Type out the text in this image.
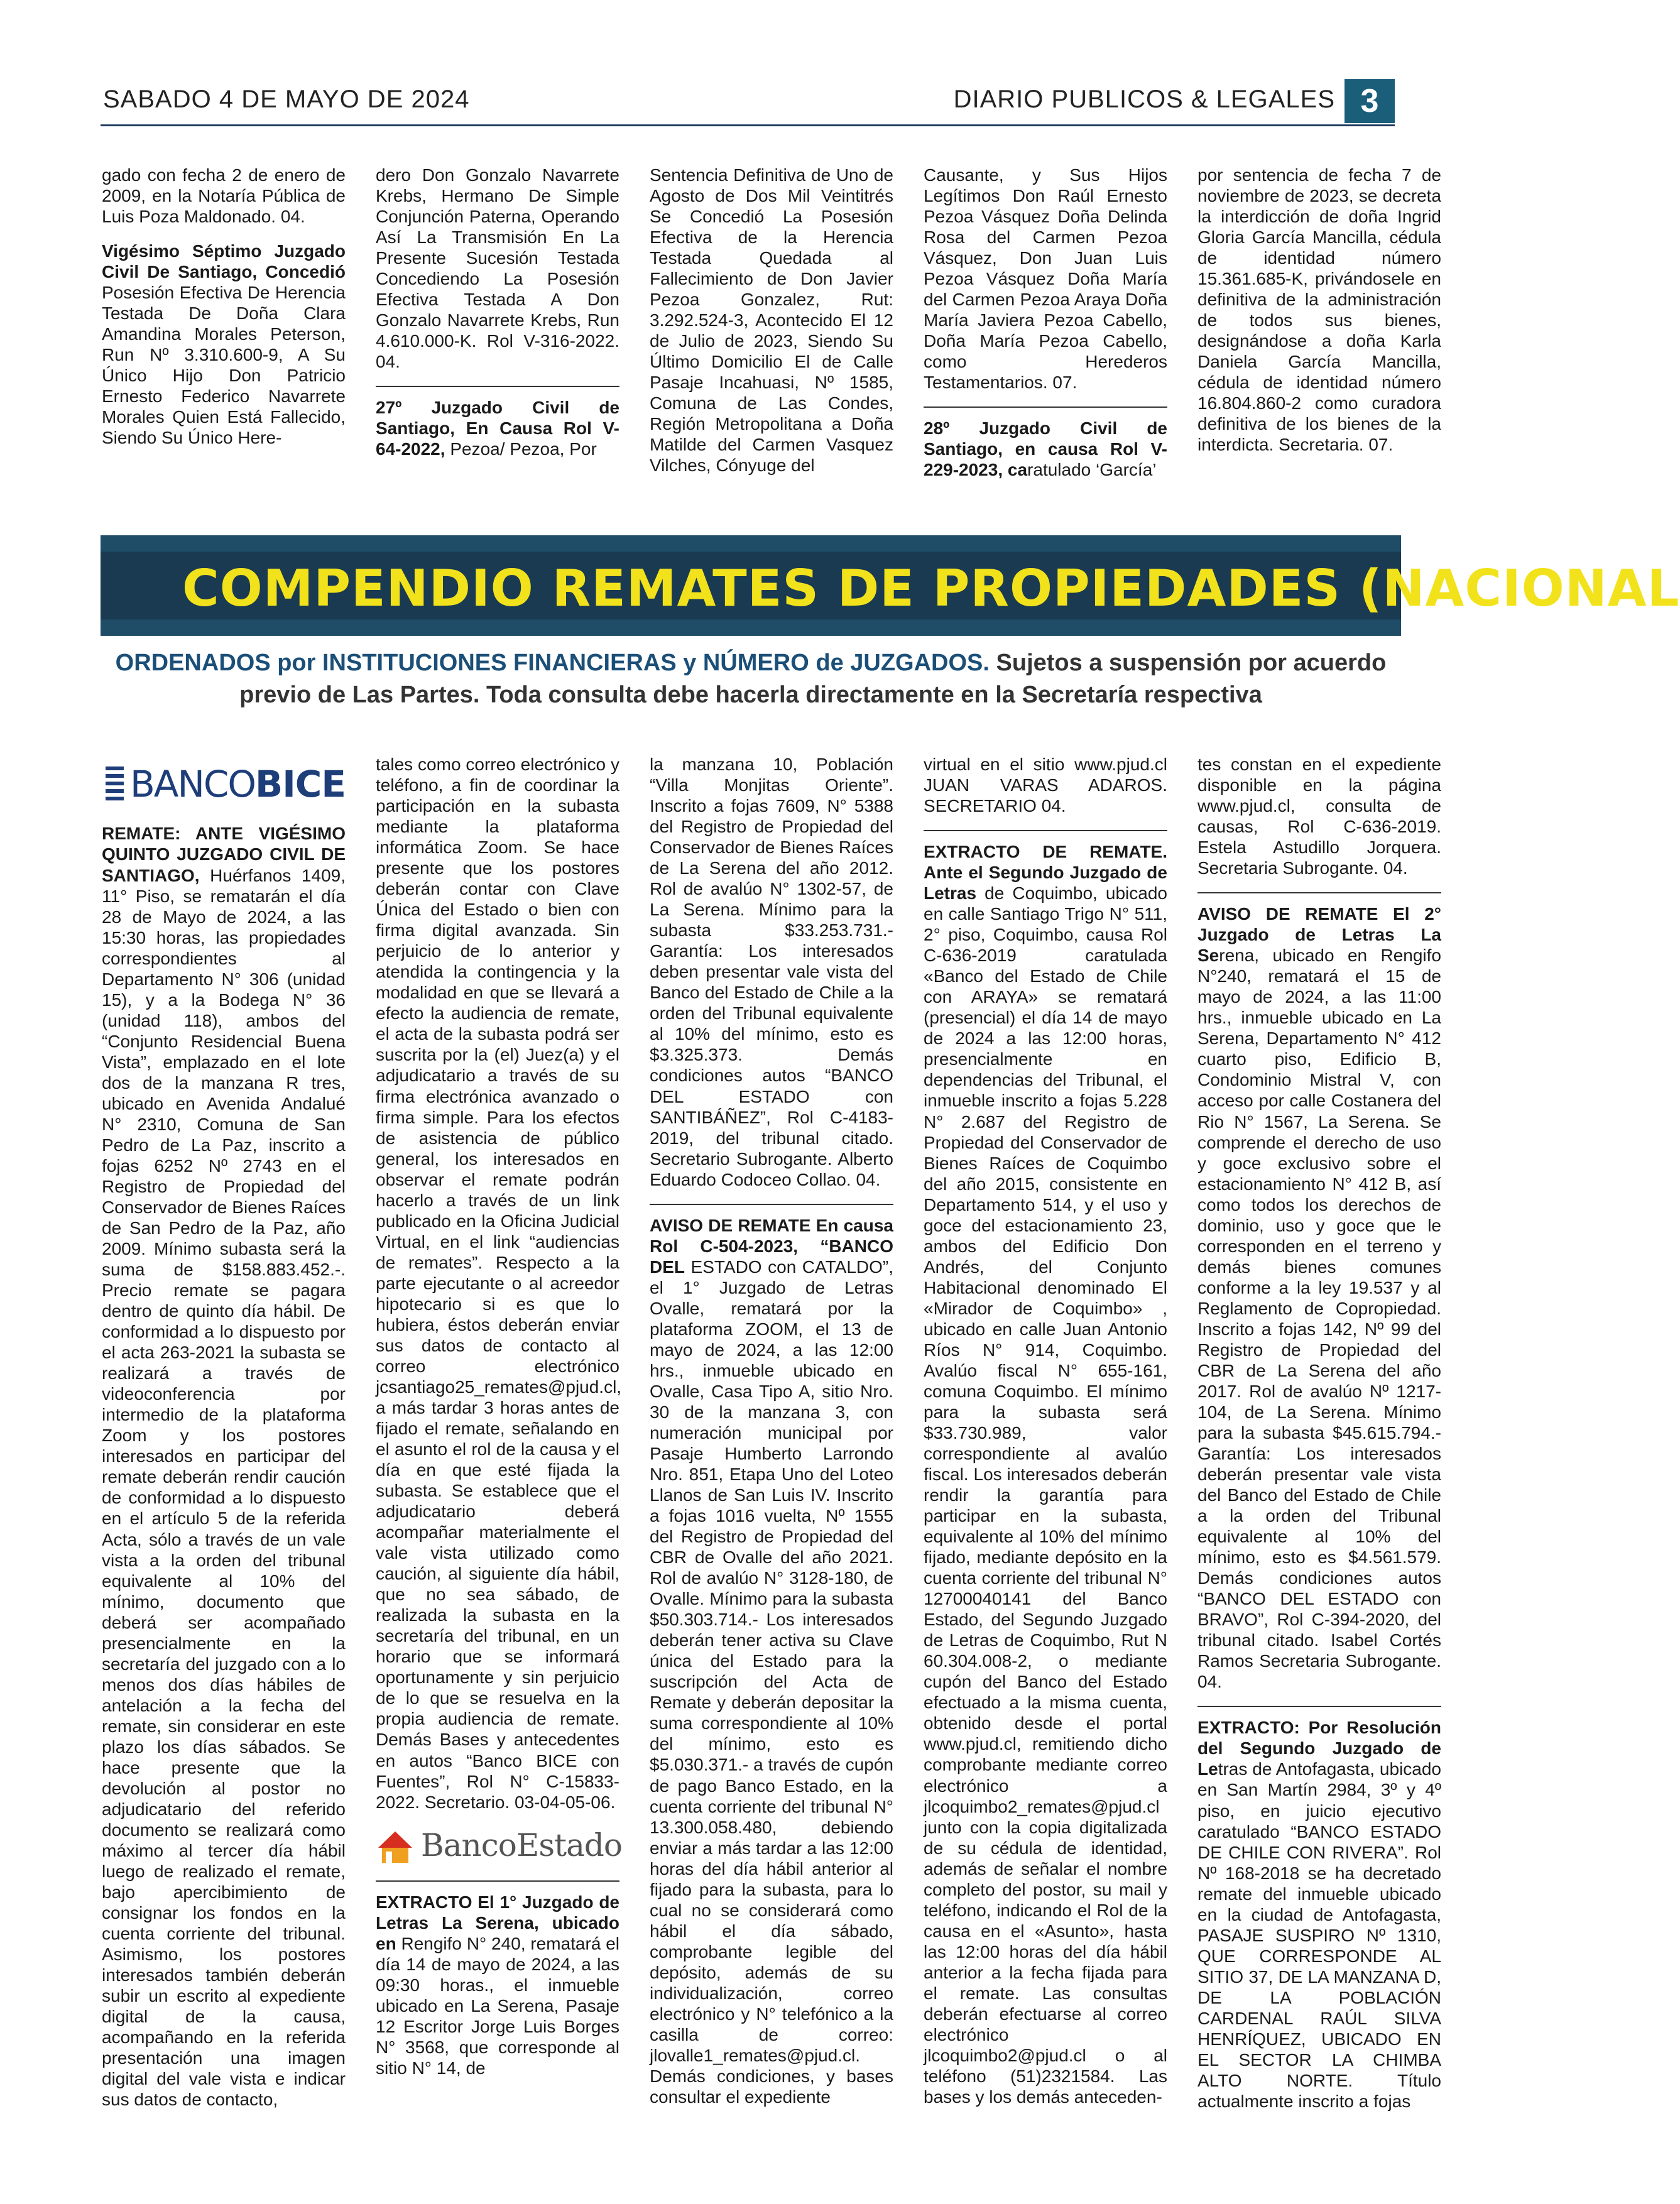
SABADO 4 DE MAYO DE 2024	DIARIO PUBLICOS & LEGALES 3

gado con fecha 2 de enero de 2009, en la Notaría Pública de Luis Poza Maldonado. 04.

Vigésimo Séptimo Juzgado Civil De Santiago, Concedió Posesión Efectiva De Herencia Testada De Doña Clara Amandina Morales Peterson, Run Nº 3.310.600-9, A Su Único Hijo Don Patricio Ernesto Federico Navarrete Morales Quien Está Fallecido, Siendo Su Único Here-

dero Don Gonzalo Navarrete Krebs, Hermano De Simple Conjunción Paterna, Operando Así La Transmisión En La Presente Sucesión Testada Concediendo La Posesión Efectiva Testada A Don Gonzalo Navarrete Krebs, Run 4.610.000-K. Rol V-316-2022. 04.

27º Juzgado Civil de Santiago, En Causa Rol V-64-2022, Pezoa/ Pezoa, Por

Sentencia Definitiva de Uno de Agosto de Dos Mil Veintitrés Se Concedió La Posesión Efectiva de la Herencia Testada Quedada al Fallecimiento de Don Javier Pezoa Gonzalez, Rut: 3.292.524-3, Acontecido El 12 de Julio de 2023, Siendo Su Último Domicilio El de Calle Pasaje Incahuasi, Nº 1585, Comuna de Las Condes, Región Metropolitana a Doña Matilde del Carmen Vasquez Vilches, Cónyuge del

Causante, y Sus Hijos Legítimos Don Raúl Ernesto Pezoa Vásquez Doña Delinda Rosa del Carmen Pezoa Vásquez, Don Juan Luis Pezoa Vásquez Doña María del Carmen Pezoa Araya Doña María Javiera Pezoa Cabello, Doña María Pezoa Cabello, como Herederos Testamentarios. 07.

28º Juzgado Civil de Santiago, en causa Rol V-229-2023, caratulado ‘García’

por sentencia de fecha 7 de noviembre de 2023, se decreta la interdicción de doña Ingrid Gloria García Mancilla, cédula de identidad número 15.361.685-K, privándosele en definitiva de la administración de todos sus bienes, designándose a doña Karla Daniela García Mancilla, cédula de identidad número 16.804.860-2 como curadora definitiva de los bienes de la interdicta. Secretaria. 07.

COMPENDIO REMATES DE PROPIEDADES (NACIONAL
ORDENADOS por INSTITUCIONES FINANCIERAS y NÚMERO de JUZGADOS. Sujetos a suspensión por acuerdo previo de Las Partes. Toda consulta debe hacerla directamente en la Secretaría respectiva
BANCO BICE

REMATE: ANTE VIGÉSIMO QUINTO JUZGADO CIVIL DE SANTIAGO, Huérfanos 1409, 11° Piso, se rematarán el día 28 de Mayo de 2024, a las 15:30 horas, las propiedades correspondientes al Departamento N° 306 (unidad 15), y a la Bodega N° 36 (unidad 118), ambos del “Conjunto Residencial Buena Vista”, emplazado en el lote dos de la manzana R tres, ubicado en Avenida Andalué N° 2310, Comuna de San Pedro de La Paz, inscrito a fojas 6252 Nº 2743 en el Registro de Propiedad del Conservador de Bienes Raíces de San Pedro de la Paz, año 2009. Mínimo subasta será la suma de $158.883.452.-. Precio remate se pagara dentro de quinto día hábil. De conformidad a lo dispuesto por el acta 263-2021 la subasta se realizará a través de videoconferencia por intermedio de la plataforma Zoom y los postores interesados en participar del remate deberán rendir caución de conformidad a lo dispuesto en el artículo 5 de la referida Acta, sólo a través de un vale vista a la orden del tribunal equivalente al 10% del mínimo, documento que deberá ser acompañado presencialmente en la secretaría del juzgado con a lo menos dos días hábiles de antelación a la fecha del remate, sin considerar en este plazo los días sábados. Se hace presente que la devolución al postor no adjudicatario del referido documento se realizará como máximo al tercer día hábil luego de realizado el remate, bajo apercibimiento de consignar los fondos en la cuenta corriente del tribunal. Asimismo, los postores interesados también deberán subir un escrito al expediente digital de la causa, acompañando en la referida presentación una imagen digital del vale vista e indicar sus datos de contacto,

tales como correo electrónico y teléfono, a fin de coordinar la participación en la subasta mediante la plataforma informática Zoom. Se hace presente que los postores deberán contar con Clave Única del Estado o bien con firma digital avanzada. Sin perjuicio de lo anterior y atendida la contingencia y la modalidad en que se llevará a efecto la audiencia de remate, el acta de la subasta podrá ser suscrita por la (el) Juez(a) y el adjudicatario a través de su firma electrónica avanzado o firma simple. Para los efectos de asistencia de público general, los interesados en observar el remate podrán hacerlo a través de un link publicado en la Oficina Judicial Virtual, en el link “audiencias de remates”. Respecto a la parte ejecutante o al acreedor hipotecario si es que lo hubiera, éstos deberán enviar sus datos de contacto al correo electrónico jcsantiago25_remates@pjud.cl, a más tardar 3 horas antes de fijado el remate, señalando en el asunto el rol de la causa y el día en que esté fijada la subasta. Se establece que el adjudicatario deberá acompañar materialmente el vale vista utilizado como caución, al siguiente día hábil, que no sea sábado, de realizada la subasta en la secretaría del tribunal, en un horario que se informará oportunamente y sin perjuicio de lo que se resuelva en la propia audiencia de remate. Demás Bases y antecedentes en autos “Banco BICE con Fuentes”, Rol N° C-15833-2022. Secretario. 03-04-05-06.

BancoEstado

EXTRACTO El 1° Juzgado de Letras La Serena, ubicado en Rengifo N° 240, rematará el día 14 de mayo de 2024, a las 09:30 horas., el inmueble ubicado en La Serena, Pasaje 12 Escritor Jorge Luis Borges N° 3568, que corresponde al sitio N° 14, de

la manzana 10, Población “Villa Monjitas Oriente”. Inscrito a fojas 7609, N° 5388 del Registro de Propiedad del Conservador de Bienes Raíces de La Serena del año 2012. Rol de avalúo N° 1302-57, de La Serena. Mínimo para la subasta $33.253.731.- Garantía: Los interesados deben presentar vale vista del Banco del Estado de Chile a la orden del Tribunal equivalente al 10% del mínimo, esto es $3.325.373. Demás condiciones autos “BANCO DEL ESTADO con SANTIBÁÑEZ”, Rol C-4183-2019, del tribunal citado. Secretario Subrogante. Alberto Eduardo Codoceo Collao. 04.

AVISO DE REMATE En causa Rol C-504-2023, “BANCO DEL ESTADO con CATALDO”, el 1° Juzgado de Letras Ovalle, rematará por la plataforma ZOOM, el 13 de mayo de 2024, a las 12:00 hrs., inmueble ubicado en Ovalle, Casa Tipo A, sitio Nro. 30 de la manzana 3, con numeración municipal por Pasaje Humberto Larrondo Nro. 851, Etapa Uno del Loteo Llanos de San Luis IV. Inscrito a fojas 1016 vuelta, Nº 1555 del Registro de Propiedad del CBR de Ovalle del año 2021. Rol de avalúo N° 3128-180, de Ovalle. Mínimo para la subasta $50.303.714.- Los interesados deberán tener activa su Clave única del Estado para la suscripción del Acta de Remate y deberán depositar la suma correspondiente al 10% del mínimo, esto es $5.030.371.- a través de cupón de pago Banco Estado, en la cuenta corriente del tribunal N° 13.300.058.480, debiendo enviar a más tardar a las 12:00 horas del día hábil anterior al fijado para la subasta, para lo cual no se considerará como hábil el día sábado, comprobante legible del depósito, además de su individualización, correo electrónico y N° telefónico a la casilla de correo: jlovalle1_remates@pjud.cl. Demás condiciones, y bases consultar el expediente

virtual en el sitio www.pjud.cl JUAN VARAS ADAROS. SECRETARIO 04.

EXTRACTO DE REMATE. Ante el Segundo Juzgado de Letras de Coquimbo, ubicado en calle Santiago Trigo N° 511, 2° piso, Coquimbo, causa Rol C-636-2019 caratulada «Banco del Estado de Chile con ARAYA» se rematará (presencial) el día 14 de mayo de 2024 a las 12:00 horas, presencialmente en dependencias del Tribunal, el inmueble inscrito a fojas 5.228 N° 2.687 del Registro de Propiedad del Conservador de Bienes Raíces de Coquimbo del año 2015, consistente en Departamento 514, y el uso y goce del estacionamiento 23, ambos del Edificio Don Andrés, del Conjunto Habitacional denominado El «Mirador de Coquimbo» , ubicado en calle Juan Antonio Ríos N° 914, Coquimbo. Avalúo fiscal N° 655-161, comuna Coquimbo. El mínimo para la subasta será $33.730.989, valor correspondiente al avalúo fiscal. Los interesados deberán rendir la garantía para participar en la subasta, equivalente al 10% del mínimo fijado, mediante depósito en la cuenta corriente del tribunal N° 12700040141 del Banco Estado, del Segundo Juzgado de Letras de Coquimbo, Rut N 60.304.008-2, o mediante cupón del Banco del Estado efectuado a la misma cuenta, obtenido desde el portal www.pjud.cl, remitiendo dicho comprobante mediante correo electrónico a jlcoquimbo2_remates@pjud.cl junto con la copia digitalizada de su cédula de identidad, además de señalar el nombre completo del postor, su mail y teléfono, indicando el Rol de la causa en el «Asunto», hasta las 12:00 horas del día hábil anterior a la fecha fijada para el remate. Las consultas deberán efectuarse al correo electrónico jlcoquimbo2@pjud.cl o al teléfono (51)2321584. Las bases y los demás anteceden-

tes constan en el expediente disponible en la página www.pjud.cl, consulta de causas, Rol C-636-2019. Estela Astudillo Jorquera. Secretaria Subrogante. 04.

AVISO DE REMATE El 2° Juzgado de Letras La Serena, ubicado en Rengifo N°240, rematará el 15 de mayo de 2024, a las 11:00 hrs., inmueble ubicado en La Serena, Departamento N° 412 cuarto piso, Edificio B, Condominio Mistral V, con acceso por calle Costanera del Rio N° 1567, La Serena. Se comprende el derecho de uso y goce exclusivo sobre el estacionamiento N° 412 B, así como todos los derechos de dominio, uso y goce que le corresponden en el terreno y demás bienes comunes conforme a la ley 19.537 y al Reglamento de Copropiedad. Inscrito a fojas 142, Nº 99 del Registro de Propiedad del CBR de La Serena del año 2017. Rol de avalúo Nº 1217-104, de La Serena. Mínimo para la subasta $45.615.794.- Garantía: Los interesados deberán presentar vale vista del Banco del Estado de Chile a la orden del Tribunal equivalente al 10% del mínimo, esto es $4.561.579. Demás condiciones autos “BANCO DEL ESTADO con BRAVO”, Rol C-394-2020, del tribunal citado. Isabel Cortés Ramos Secretaria Subrogante. 04.

EXTRACTO: Por Resolución del Segundo Juzgado de Letras de Antofagasta, ubicado en San Martín 2984, 3º y 4º piso, en juicio ejecutivo caratulado “BANCO ESTADO DE CHILE CON RIVERA”. Rol Nº 168-2018 se ha decretado remate del inmueble ubicado en la ciudad de Antofagasta, PASAJE SUSPIRO Nº 1310, QUE CORRESPONDE AL SITIO 37, DE LA MANZANA D, DE LA POBLACIÓN CARDENAL RAÚL SILVA HENRÍQUEZ, UBICADO EN EL SECTOR LA CHIMBA ALTO NORTE. Título actualmente inscrito a fojas
